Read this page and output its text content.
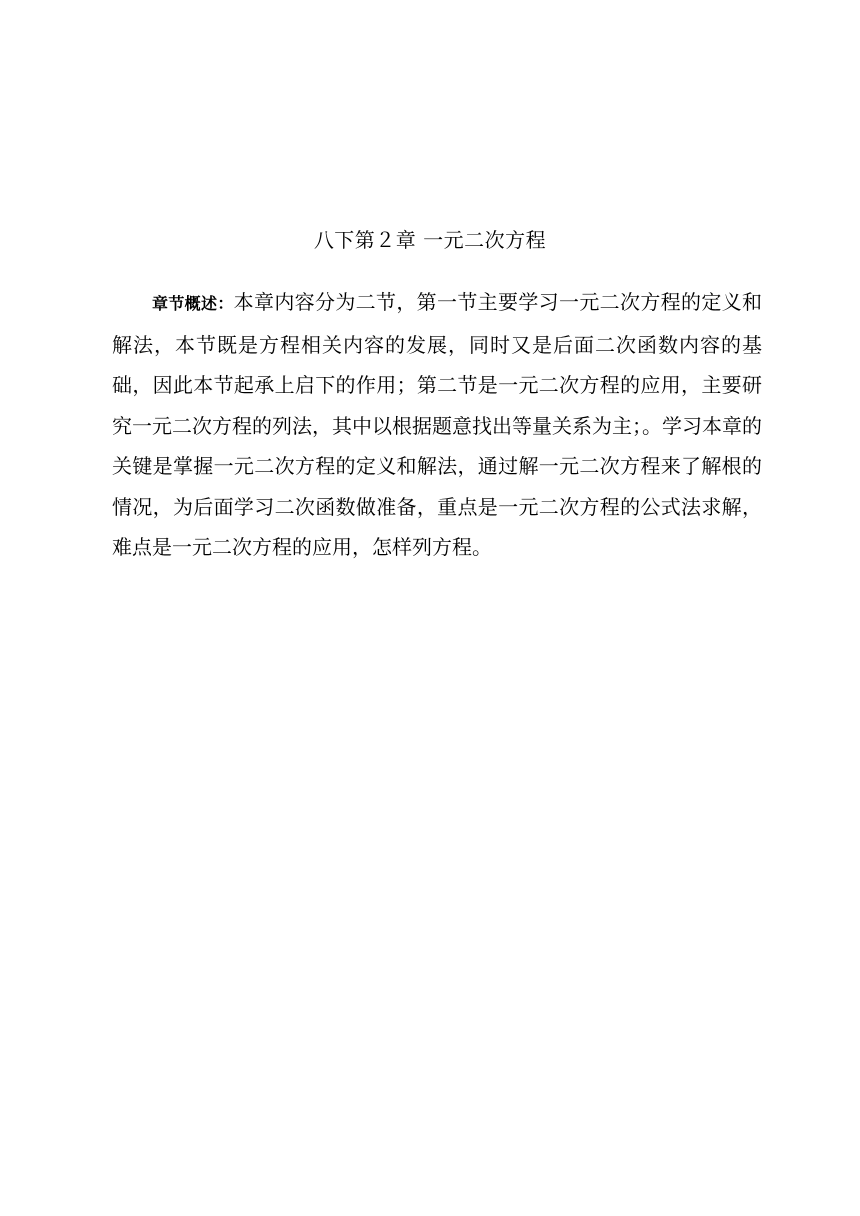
八下第２章 一元二次方程

章节概述：本章内容分为二节，第一节主要学习一元二次方程的定义和解法，本节既是方程相关内容的发展，同时又是后面二次函数内容的基础，因此本节起承上启下的作用；第二节是一元二次方程的应用，主要研究一元二次方程的列法，其中以根据题意找出等量关系为主；。学习本章的关键是掌握一元二次方程的定义和解法，通过解一元二次方程来了解根的情况，为后面学习二次函数做准备，重点是一元二次方程的公式法求解，难点是一元二次方程的应用，怎样列方程。
